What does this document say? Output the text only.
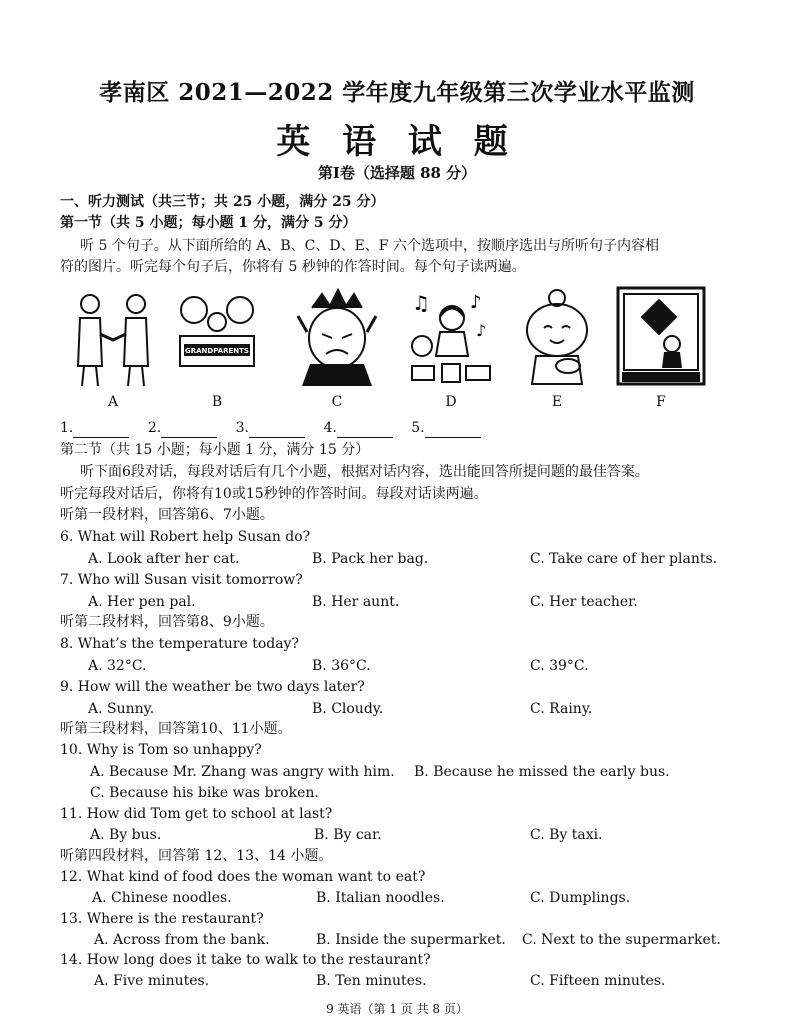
孝南区 2021—2022 学年度九年级第三次学业水平监测
英 语 试 题
第Ⅰ卷（选择题 88 分）
一、听力测试（共三节；共 25 小题，满分 25 分）
第一节（共 5 小题；每小题 1 分，满分 5 分）
听 5 个句子。从下面所给的 A、B、C、D、E、F 六个选项中，按顺序选出与所听句子内容相
符的图片。听完每个句子后，你将有 5 秒钟的作答时间。每个句子读两遍。
A
GRANDPARENTS
B	C
♫ ♪
♪
D	E	F
1.	2.	3.	4.	5.
第二节（共 15 小题；每小题 1 分，满分 15 分）
听下面6段对话，每段对话后有几个小题，根据对话内容，选出能回答所提问题的最佳答案。
听完每段对话后，你将有10或15秒钟的作答时间。每段对话读两遍。
听第一段材料，回答第6、7小题。
6. What will Robert help Susan do?
A. Look after her cat.	B. Pack her bag.	C. Take care of her plants.
7. Who will Susan visit tomorrow?
A. Her pen pal.	B. Her aunt.	C. Her teacher.
听第二段材料，回答第8、9小题。
8. What’s the temperature today?
A. 32°C.	B. 36°C.	C. 39°C.
9. How will the weather be two days later?
A. Sunny.	B. Cloudy.	C. Rainy.
听第三段材料，回答第10、11小题。
10. Why is Tom so unhappy?
A. Because Mr. Zhang was angry with him. B. Because he missed the early bus.
C. Because his bike was broken.
11. How did Tom get to school at last?
A. By bus.	B. By car.	C. By taxi.
听第四段材料，回答第 12、13、14 小题。
12. What kind of food does the woman want to eat?
A. Chinese noodles.	B. Italian noodles.	C. Dumplings.
13. Where is the restaurant?
A. Across from the bank.	B. Inside the supermarket. C. Next to the supermarket.
14. How long does it take to walk to the restaurant?
A. Five minutes.	B. Ten minutes.	C. Fifteen minutes.
9 英语（第 1 页 共 8 页）
